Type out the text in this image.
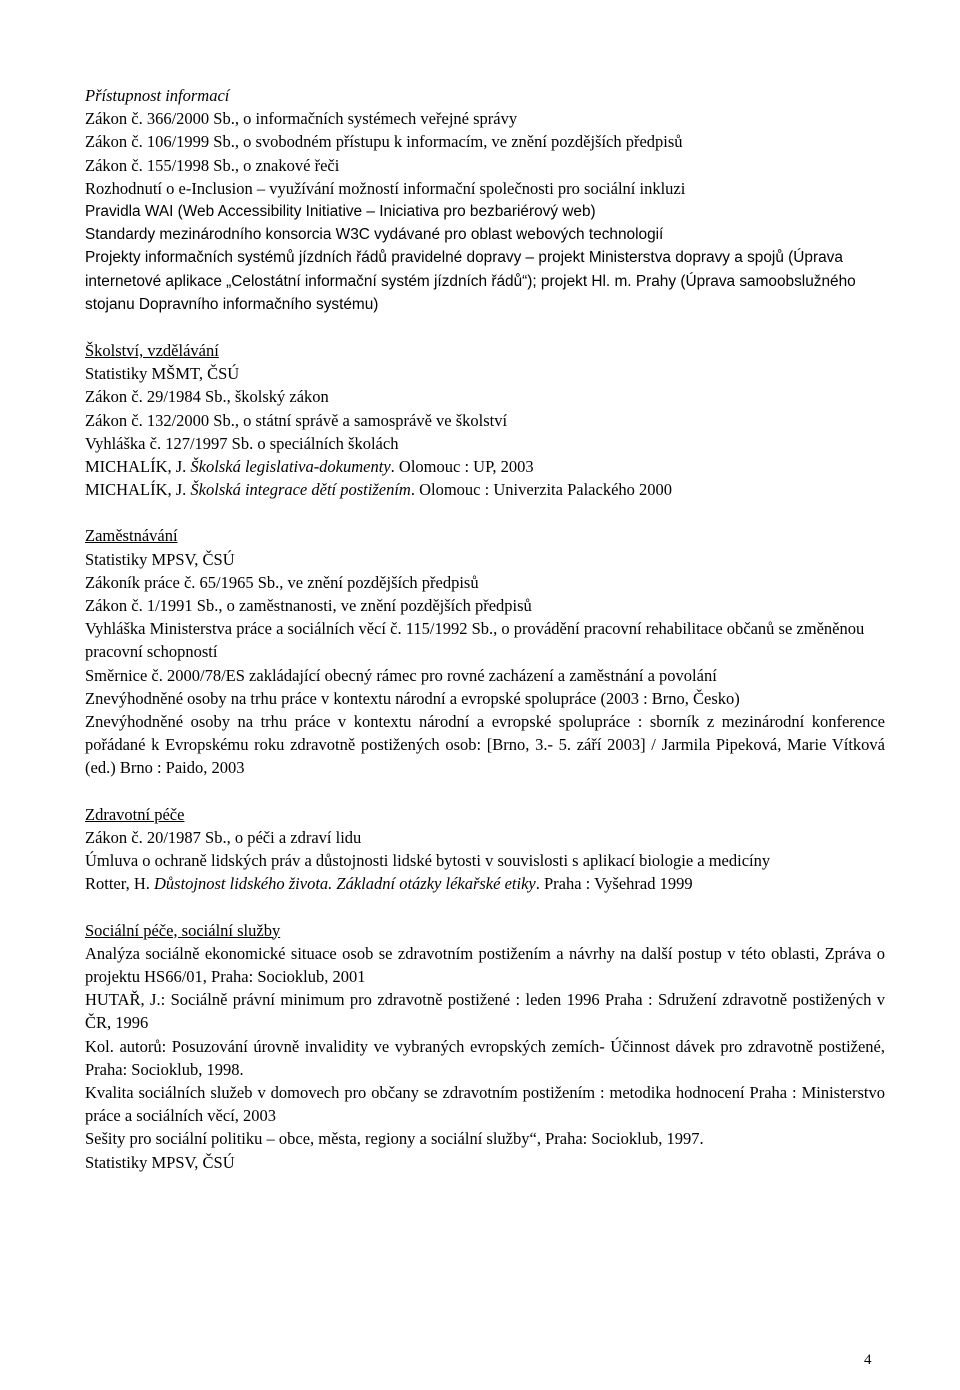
Přístupnost informací
Zákon č. 366/2000 Sb., o informačních systémech veřejné správy
Zákon č. 106/1999 Sb., o svobodném přístupu k informacím, ve znění pozdějších předpisů
Zákon č. 155/1998 Sb., o znakové řeči
Rozhodnutí o e-Inclusion – využívání možností informační společnosti pro sociální inkluzi
Pravidla WAI (Web Accessibility Initiative – Iniciativa pro bezbariérový web)
Standardy mezinárodního konsorcia W3C vydávané pro oblast webových technologií
Projekty informačních systémů jízdních řádů pravidelné dopravy – projekt Ministerstva dopravy a spojů (Úprava internetové aplikace „Celostátní informační systém jízdních řádů“); projekt Hl. m. Prahy (Úprava samoobslužného stojanu Dopravního informačního systému)
Školství, vzdělávání
Statistiky MŠMT, ČSÚ
Zákon č. 29/1984 Sb., školský zákon
Zákon č. 132/2000 Sb., o státní správě a samosprávě ve školství
Vyhláška č. 127/1997 Sb. o speciálních školách
MICHALÍK, J. Školská legislativa-dokumenty. Olomouc : UP, 2003
MICHALÍK, J. Školská integrace dětí postižením. Olomouc : Univerzita Palackého 2000
Zaměstnávání
Statistiky MPSV, ČSÚ
Zákoník práce č. 65/1965 Sb., ve znění pozdějších předpisů
Zákon č. 1/1991 Sb., o zaměstnanosti, ve znění pozdějších předpisů
Vyhláška Ministerstva práce a sociálních věcí č. 115/1992 Sb., o provádění pracovní rehabilitace občanů se změněnou pracovní schopností
Směrnice č. 2000/78/ES zakládající obecný rámec pro rovné zacházení a zaměstnání a povolání
Znevýhodněné osoby na trhu práce v kontextu národní a evropské spolupráce (2003 : Brno, Česko)
Znevýhodněné osoby na trhu práce v kontextu národní a evropské spolupráce : sborník z mezinárodní konference pořádané k Evropskému roku zdravotně postižených osob: [Brno, 3.- 5. září 2003] / Jarmila Pipeková, Marie Vítková (ed.) Brno : Paido, 2003
Zdravotní péče
Zákon č. 20/1987 Sb., o péči a zdraví lidu
Úmluva o ochraně lidských práv a důstojnosti lidské bytosti v souvislosti s aplikací biologie a medicíny
Rotter, H. Důstojnost lidského života. Základní otázky lékařské etiky. Praha : Vyšehrad 1999
Sociální péče, sociální služby
Analýza sociálně ekonomické situace osob se zdravotním postižením a návrhy na další postup v této oblasti, Zpráva o projektu HS66/01, Praha: Socioklub, 2001
HUTAŘ, J.: Sociálně právní minimum pro zdravotně postižené : leden 1996 Praha : Sdružení zdravotně postižených v ČR, 1996
Kol. autorů: Posuzování úrovně invalidity ve vybraných evropských zemích- Účinnost dávek pro zdravotně postižené, Praha: Socioklub, 1998.
Kvalita sociálních služeb v domovech pro občany se zdravotním postižením : metodika hodnocení Praha : Ministerstvo práce a sociálních věcí, 2003
Sešity pro sociální politiku – obce, města, regiony a sociální služby“, Praha: Socioklub, 1997.
Statistiky MPSV, ČSÚ
4
